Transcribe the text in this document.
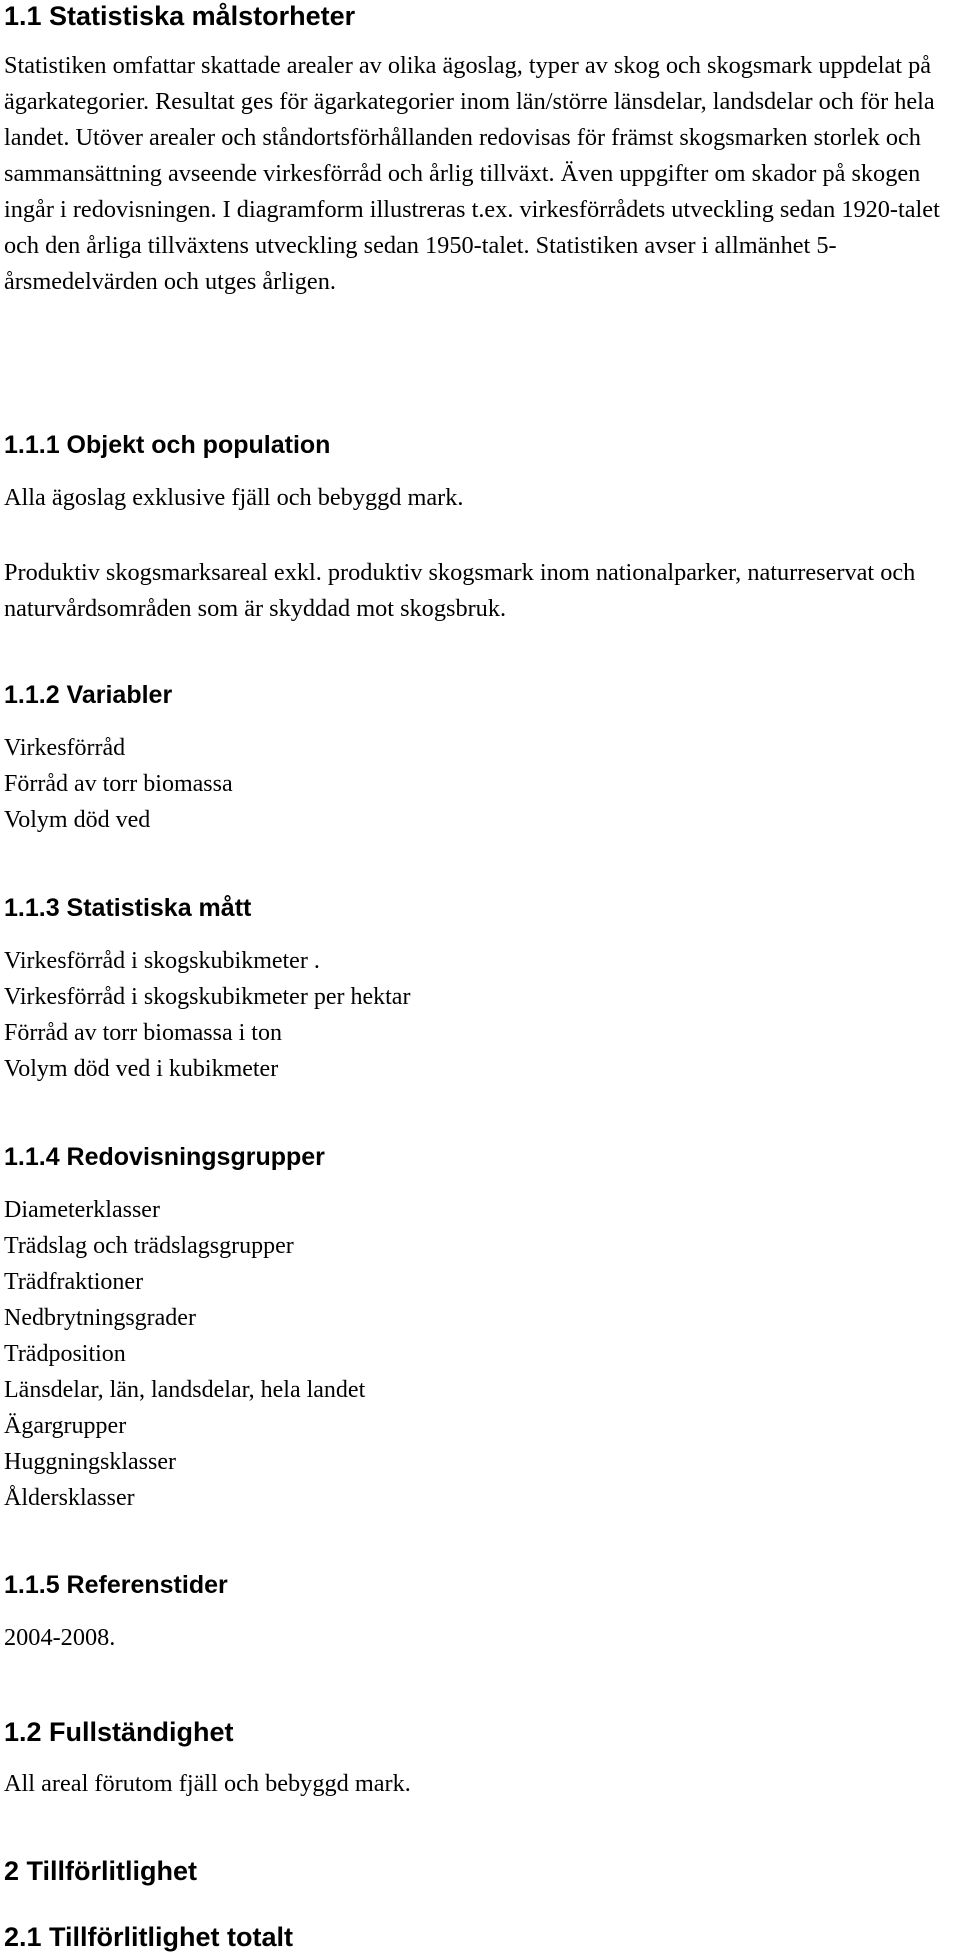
1.1 Statistiska målstorheter

Statistiken omfattar skattade arealer av olika ägoslag, typer av skog och skogsmark uppdelat på ägarkategorier. Resultat ges för ägarkategorier inom län/större länsdelar, landsdelar och för hela landet. Utöver arealer och ståndortsförhållanden redovisas för främst skogsmarken storlek och sammansättning avseende virkesförråd och årlig tillväxt. Även uppgifter om skador på skogen ingår i redovisningen. I diagramform illustreras t.ex. virkesförrådets utveckling sedan 1920-talet och den årliga tillväxtens utveckling sedan 1950-talet. Statistiken avser i allmänhet 5-årsmedelvärden och utges årligen.

1.1.1 Objekt och population

Alla ägoslag exklusive fjäll och bebyggd mark.

Produktiv skogsmarksareal exkl. produktiv skogsmark inom nationalparker, naturreservat och naturvårdsområden som är skyddad mot skogsbruk.

1.1.2 Variabler
Virkesförråd
Förråd av torr biomassa
Volym död ved
1.1.3 Statistiska mått
Virkesförråd i skogskubikmeter .
Virkesförråd i skogskubikmeter per hektar
Förråd av torr biomassa i ton
Volym död ved i kubikmeter
1.1.4 Redovisningsgrupper
Diameterklasser
Trädslag och trädslagsgrupper
Trädfraktioner
Nedbrytningsgrader
Trädposition
Länsdelar, län, landsdelar, hela landet
Ägargrupper
Huggningsklasser
Åldersklasser
1.1.5 Referenstider

2004-2008.

1.2 Fullständighet

All areal förutom fjäll och bebyggd mark.

2 Tillförlitlighet
2.1 Tillförlitlighet totalt
